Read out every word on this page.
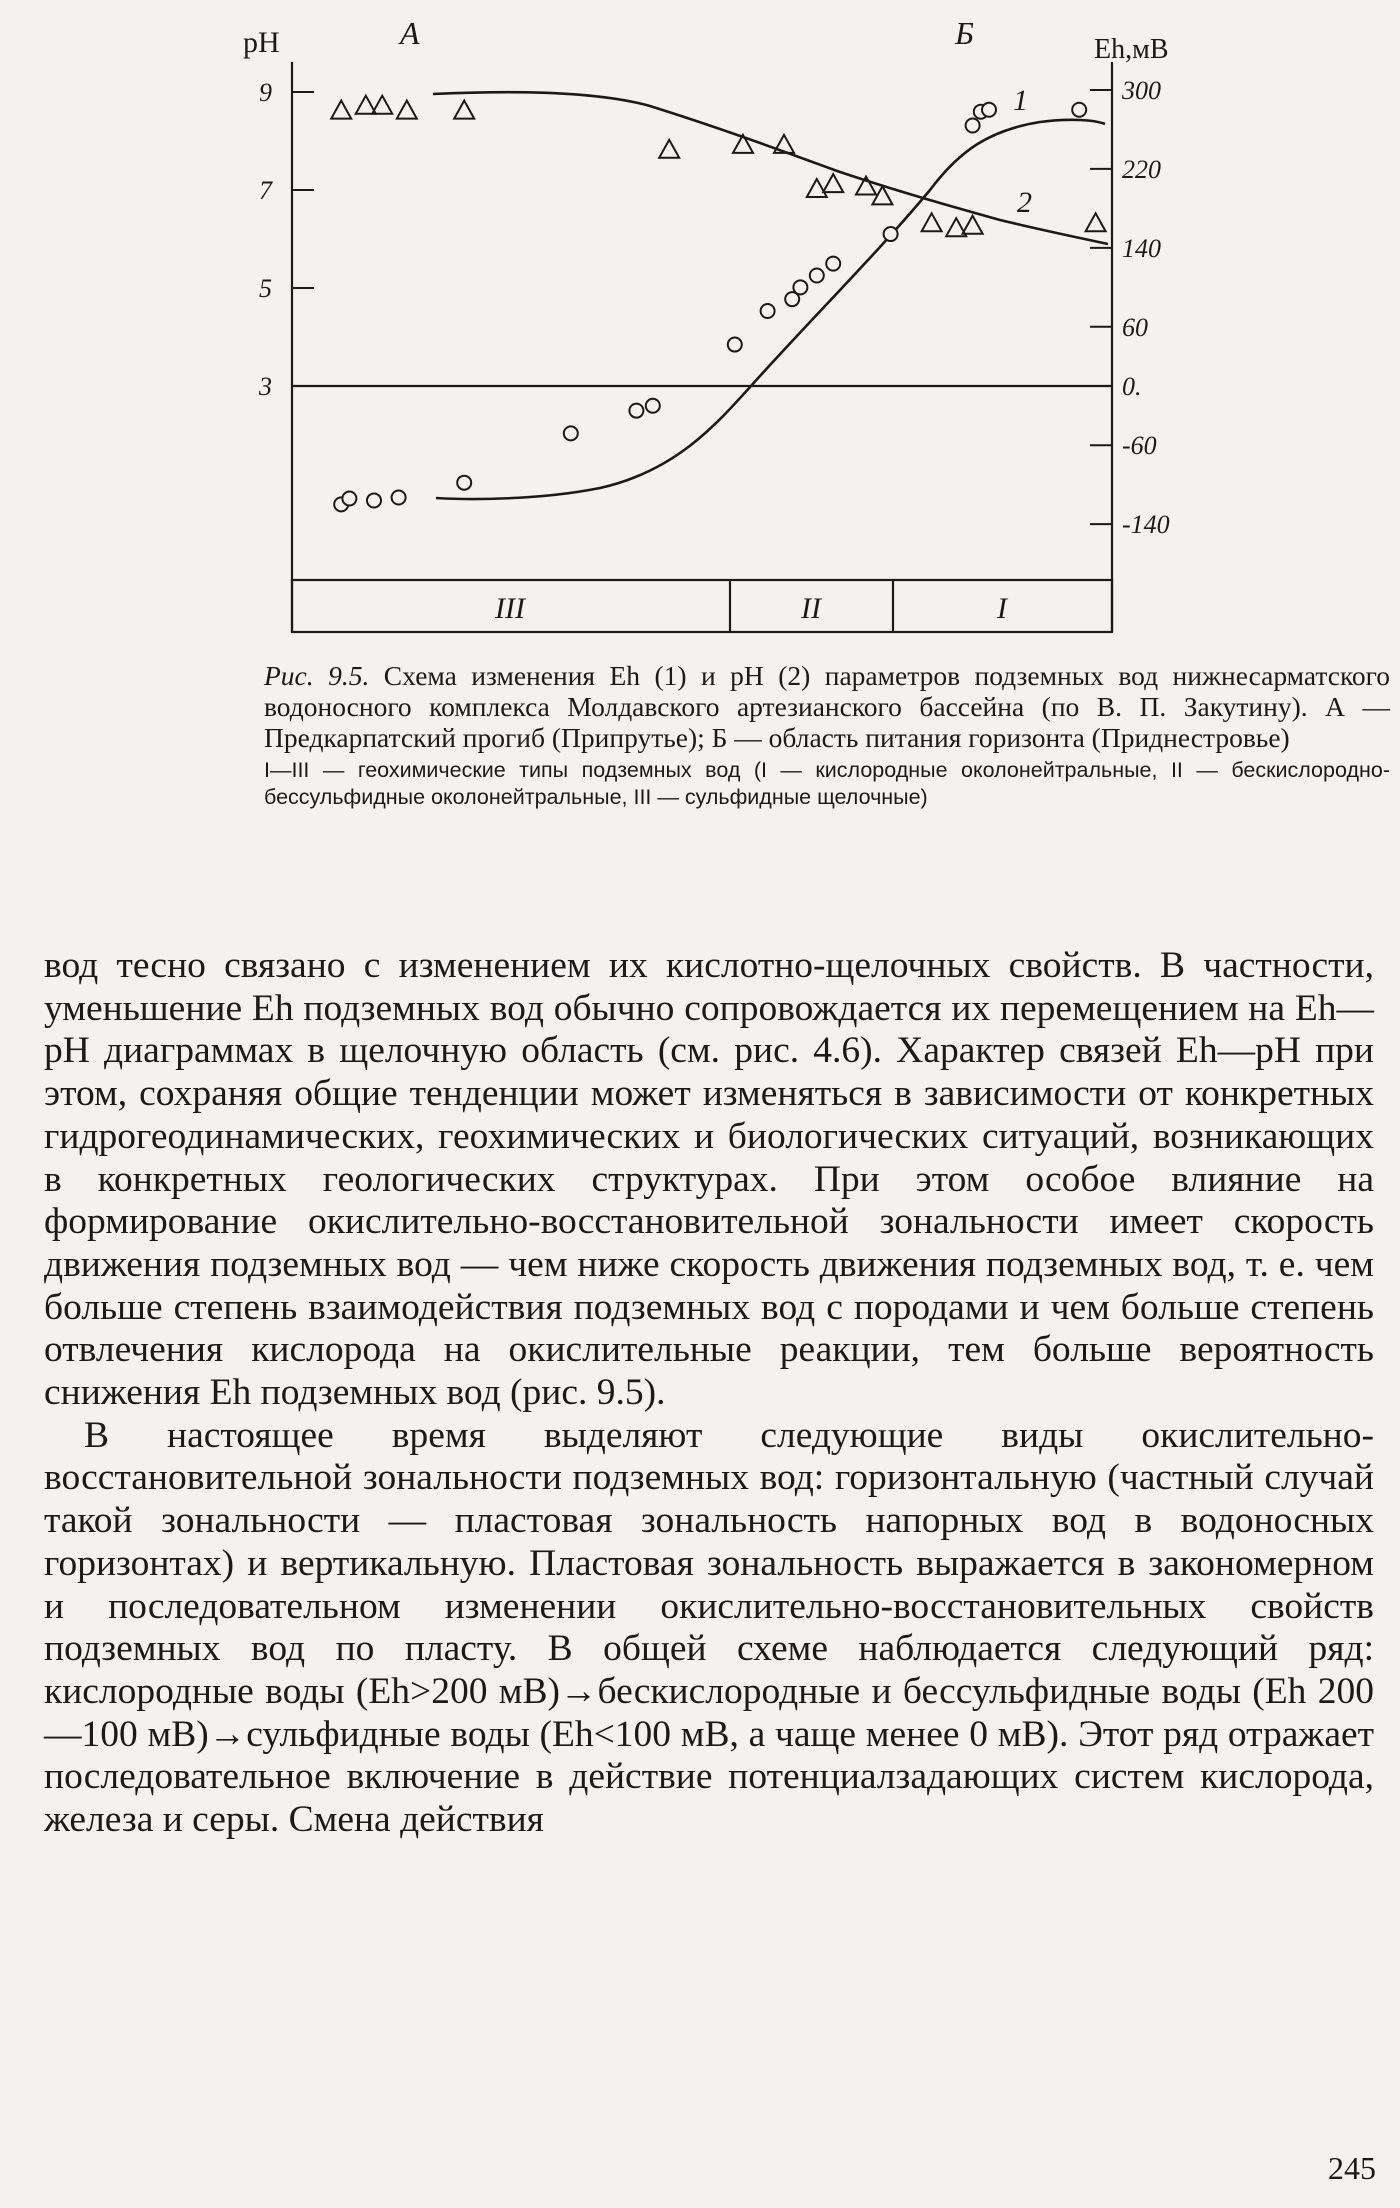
pH	А	Б	Eh,мВ
9
7
5
3
300
220
140
60
0.
-60
-140
1
2
III	II	I

Рис. 9.5. Схема изменения Eh (1) и pH (2) параметров подземных вод нижнесарматского водоносного комплекса Молдавского артезианского бассейна (по В. П. Закутину). А — Предкарпатский прогиб (Припрутье); Б — область питания горизонта (Приднестровье)

I—III — геохимические типы подземных вод (I — кислородные околонейтральные, II — бескислородно-бессульфидные околонейтральные, III — сульфидные щелочные)

вод тесно связано с изменением их кислотно-щелочных свойств. В частности, уменьшение Eh подземных вод обычно сопровождается их перемещением на Eh—pH диаграммах в щелочную область (см. рис. 4.6). Характер связей Eh—pH при этом, сохраняя общие тенденции может изменяться в зависимости от конкретных гидрогеодинамических, геохимических и биологических ситуаций, возникающих в конкретных геологических структурах. При этом особое влияние на формирование окислительно-восстановительной зональности имеет скорость движения подземных вод — чем ниже скорость движения подземных вод, т. е. чем больше степень взаимодействия подземных вод с породами и чем больше степень отвлечения кислорода на окислительные реакции, тем больше вероятность снижения Eh подземных вод (рис. 9.5).

В настоящее время выделяют следующие виды окислительно-восстановительной зональности подземных вод: горизонтальную (частный случай такой зональности — пластовая зональность напорных вод в водоносных горизонтах) и вертикальную. Пластовая зональность выражается в закономерном и последовательном изменении окислительно-восстановительных свойств подземных вод по пласту. В общей схеме наблюдается следующий ряд: кислородные воды (Eh>200 мВ)→бескислородные и бессульфидные воды (Eh 200—100 мВ)→сульфидные воды (Eh<100 мВ, а чаще менее 0 мВ). Этот ряд отражает последовательное включение в действие потенциалзадающих систем кислорода, железа и серы. Смена действия

245
